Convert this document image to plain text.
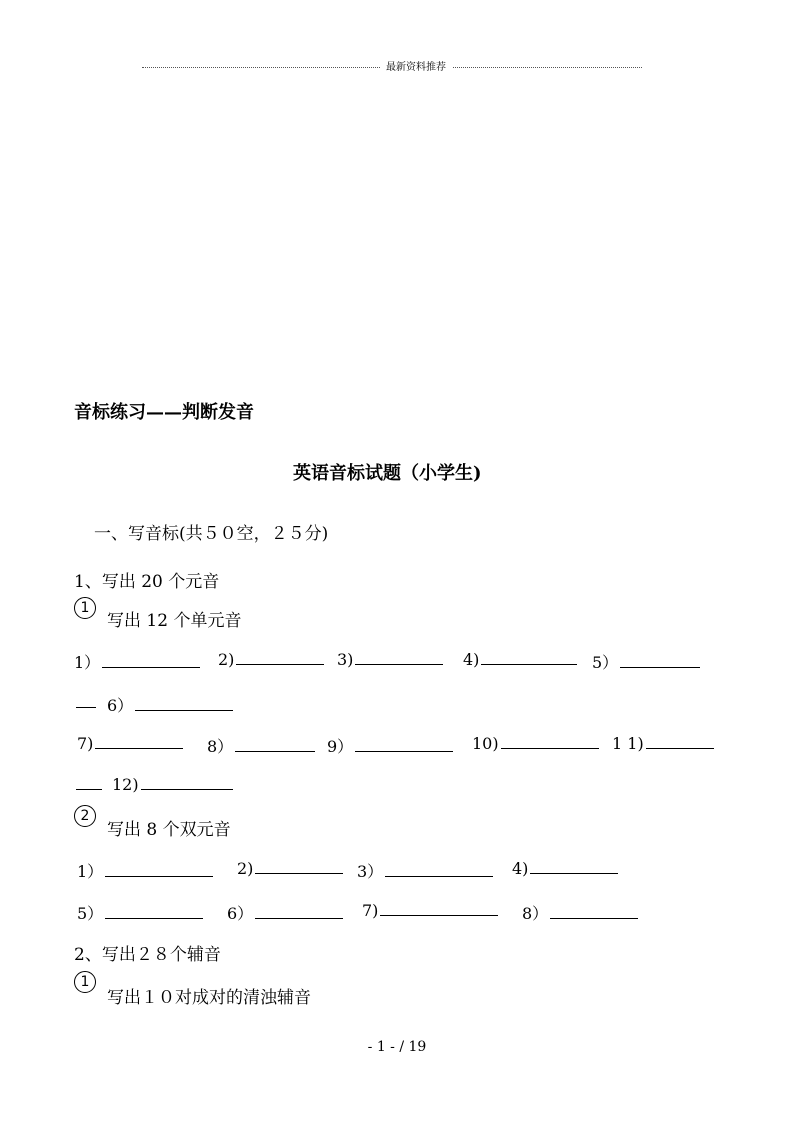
最新资料推荐
音标练习——判断发音
英语音标试题（小学生)
一、写音标(共５０空，２５分)
1、写出 20 个元音
1
写出 12 个单元音
1）	2)	3)	4)	5）
6）
7)	8）	9）	10)	1 1)
12)
2
写出 8 个双元音
1）	2)	3）	4)
5）	6）	7)	8）
2、写出２８个辅音
1
写出１０对成对的清浊辅音
- 1 - / 19
